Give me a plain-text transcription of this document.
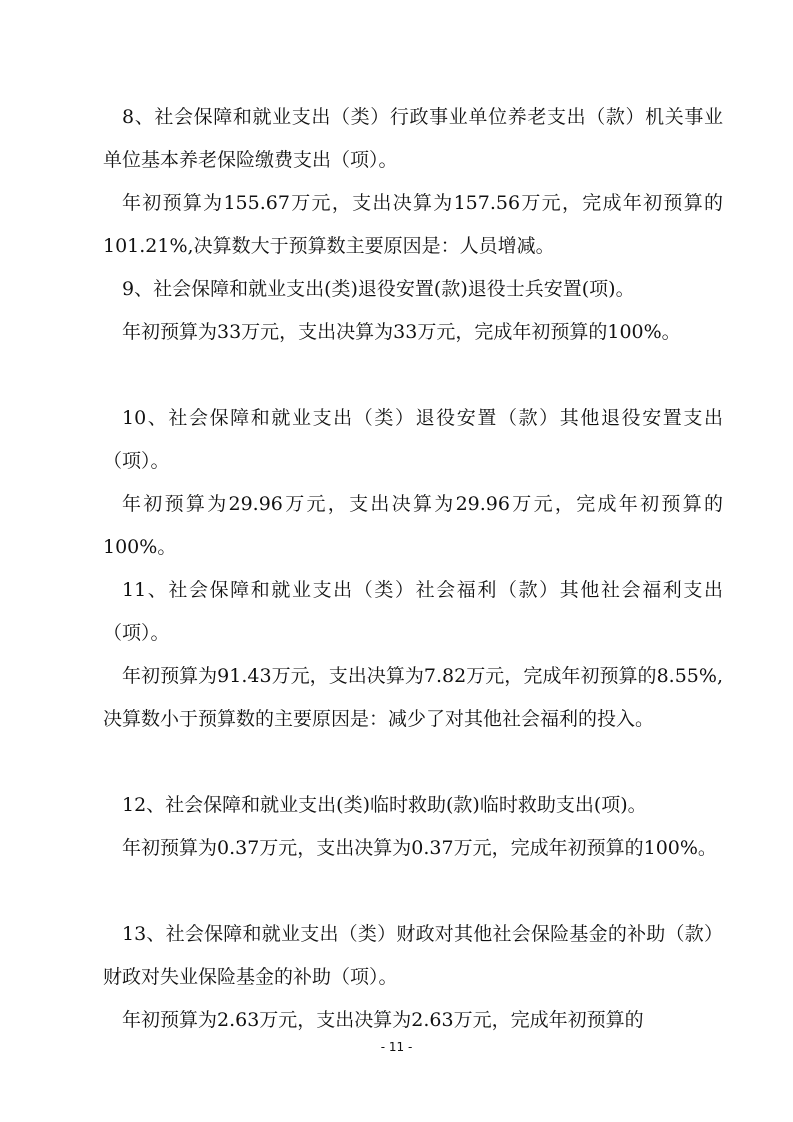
8、社会保障和就业支出（类）行政事业单位养老支出（款）机关事业单位基本养老保险缴费支出（项）。

年初预算为155.67万元，支出决算为157.56万元，完成年初预算的101.21%,决算数大于预算数主要原因是：人员增减。

9、社会保障和就业支出(类)退役安置(款)退役士兵安置(项)。

年初预算为33万元，支出决算为33万元，完成年初预算的100%。

10、社会保障和就业支出（类）退役安置（款）其他退役安置支出（项）。

年初预算为29.96万元，支出决算为29.96万元，完成年初预算的100%。

11、社会保障和就业支出（类）社会福利（款）其他社会福利支出（项）。

年初预算为91.43万元，支出决算为7.82万元，完成年初预算的8.55%,决算数小于预算数的主要原因是：减少了对其他社会福利的投入。

12、社会保障和就业支出(类)临时救助(款)临时救助支出(项)。

年初预算为0.37万元，支出决算为0.37万元，完成年初预算的100%。

13、社会保障和就业支出（类）财政对其他社会保险基金的补助（款）财政对失业保险基金的补助（项）。

年初预算为2.63万元，支出决算为2.63万元，完成年初预算的

- 11 -
